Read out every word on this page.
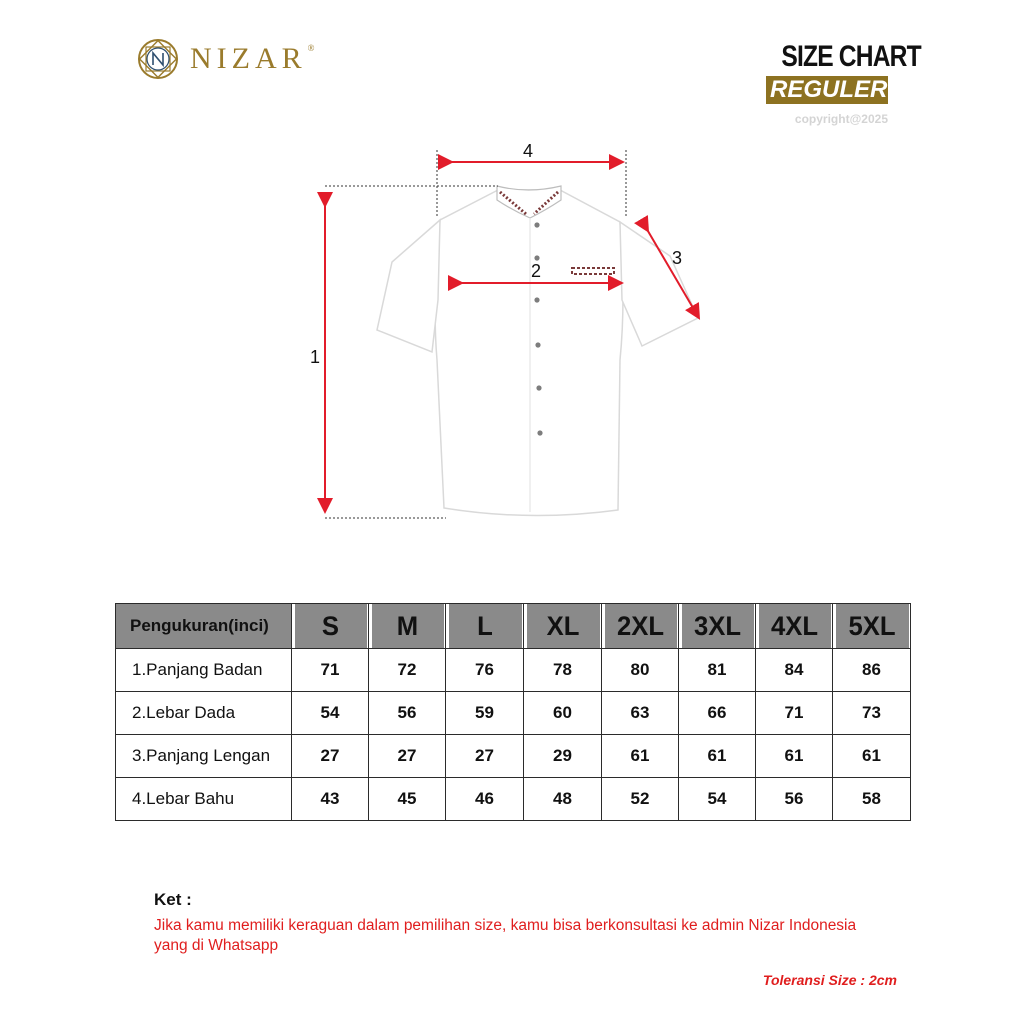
NIZAR®	SIZE CHART
REGULER
copyright@2025
1
2
3
4
Pengukuran(inci)	S	M	L	XL	2XL	3XL	4XL	5XL
1.Panjang Badan	71	72	76	78	80	81	84	86
2.Lebar Dada	54	56	59	60	63	66	71	73
3.Panjang Lengan	27	27	27	29	61	61	61	61
4.Lebar Bahu	43	45	46	48	52	54	56	58
Ket :
Jika kamu memiliki keraguan dalam pemilihan size, kamu bisa berkonsultasi ke admin Nizar Indonesia yang di Whatsapp
Toleransi Size : 2cm
